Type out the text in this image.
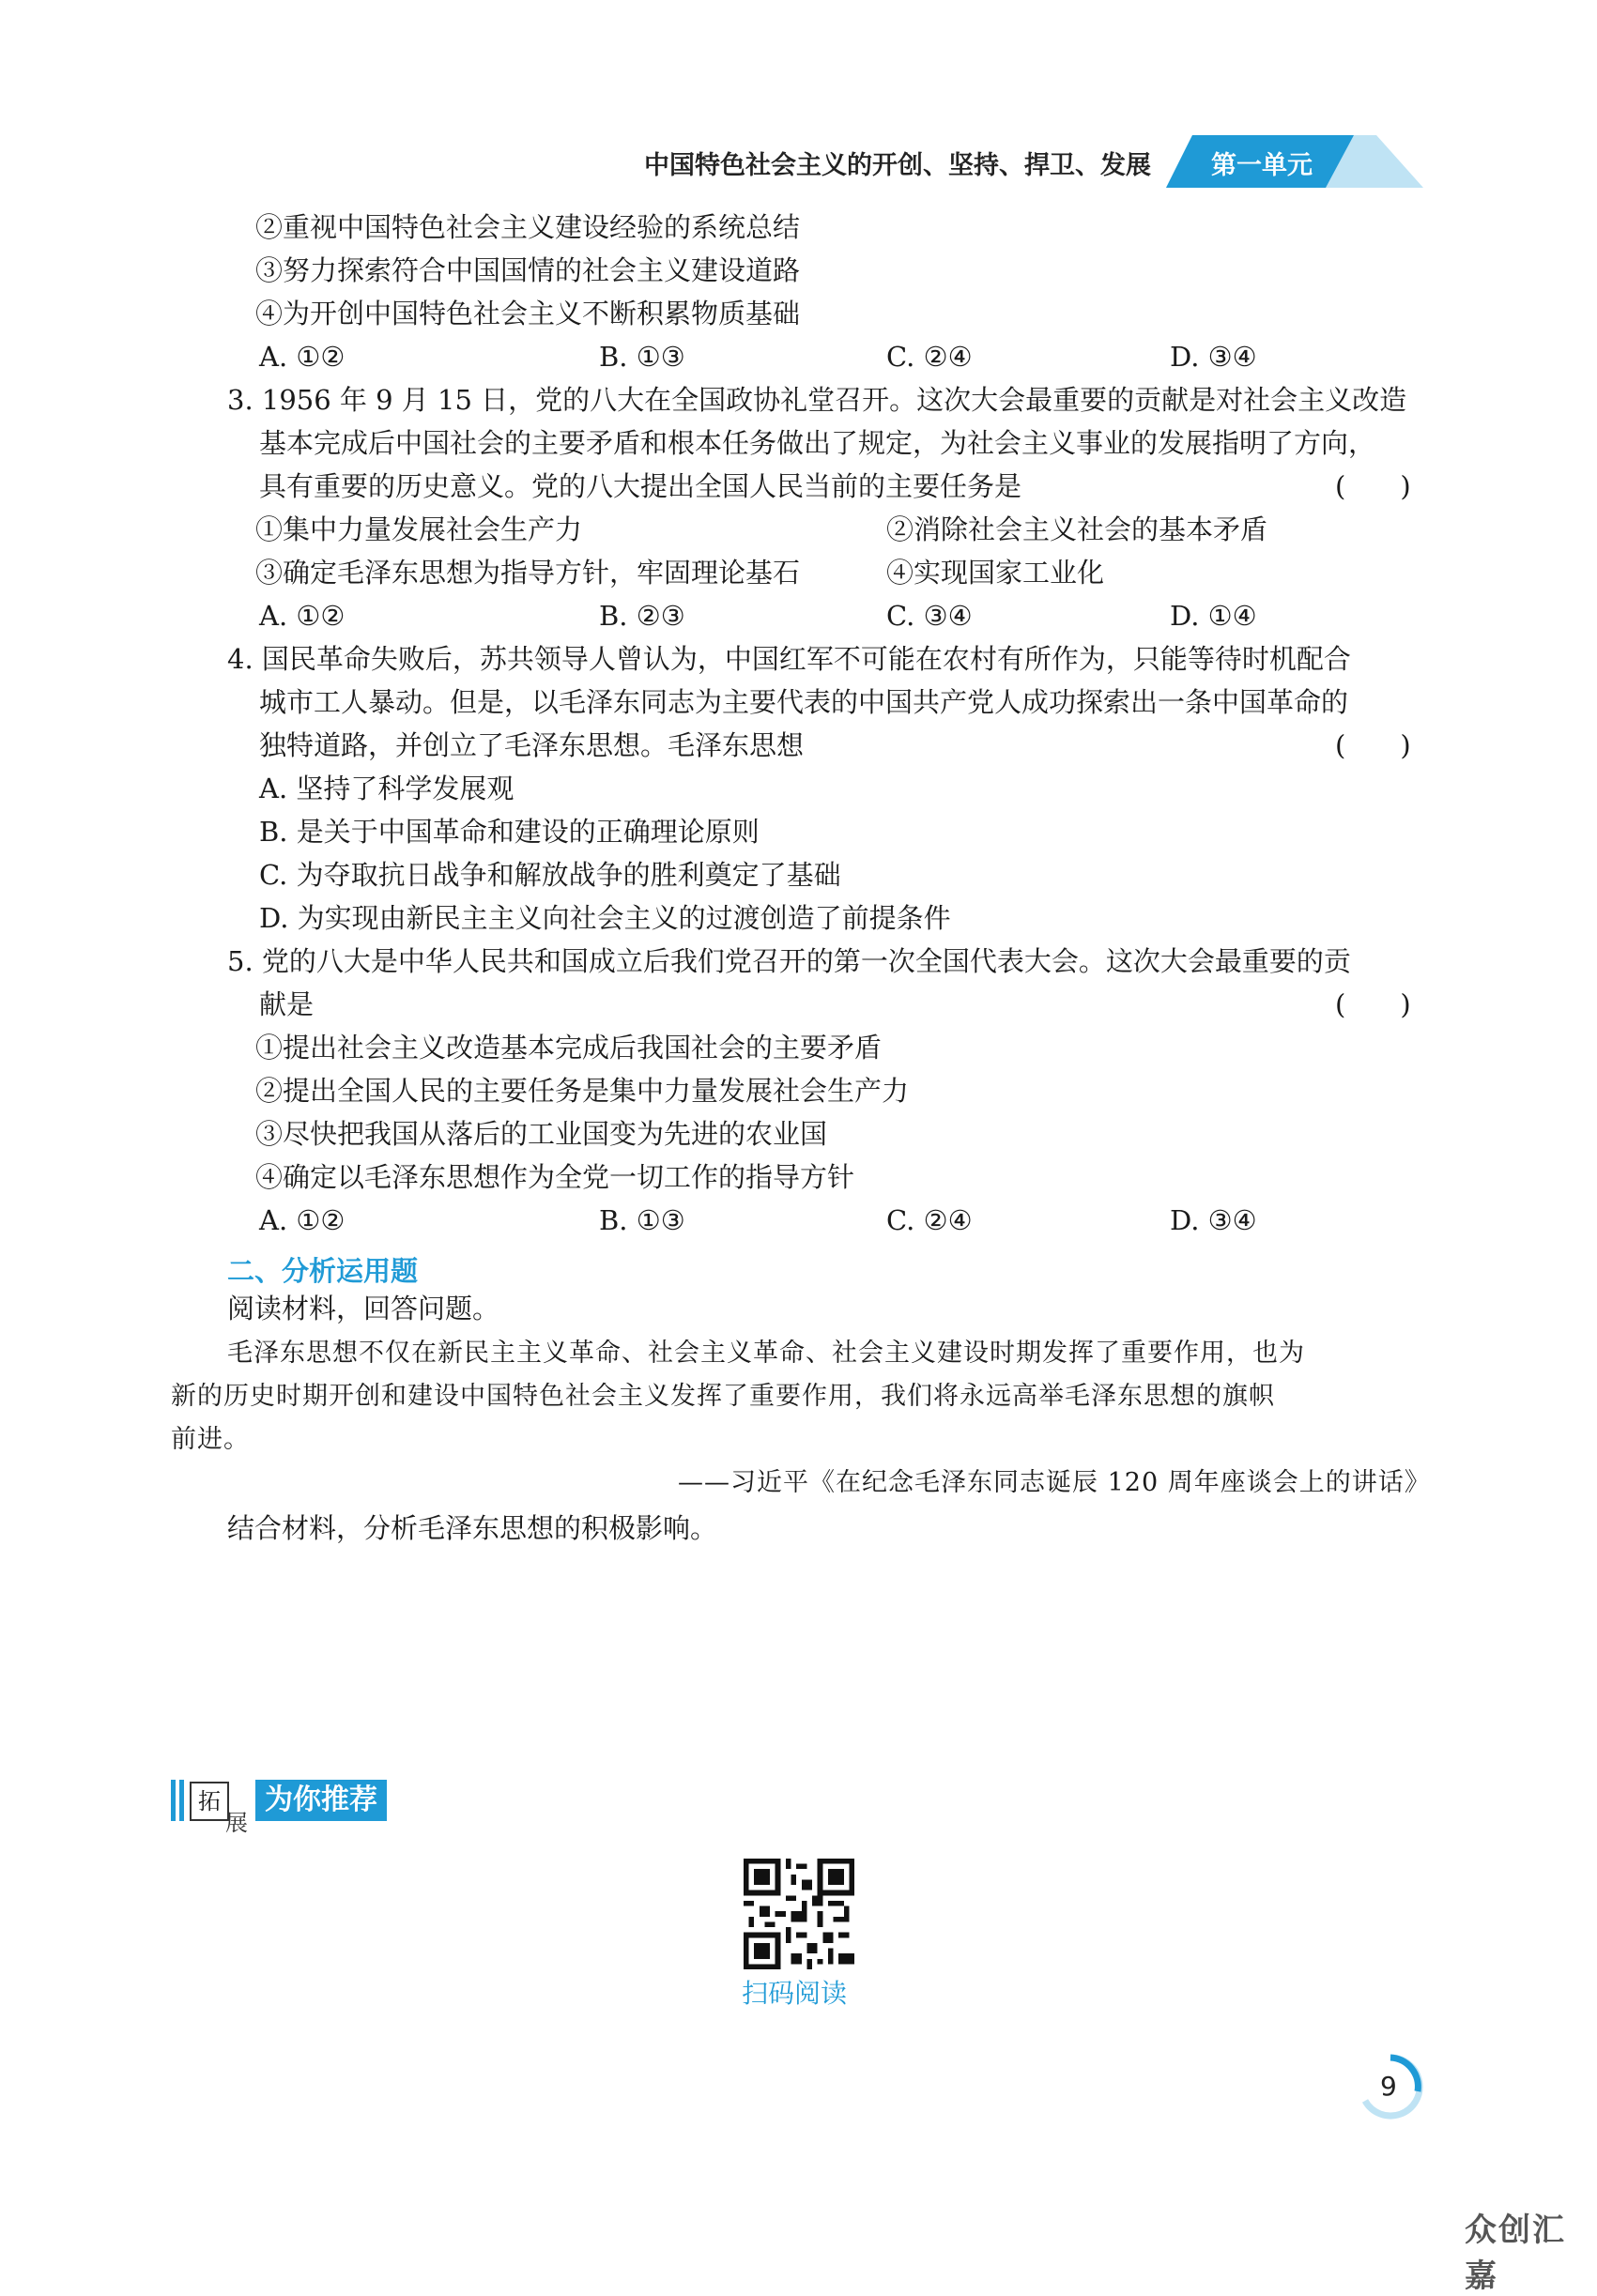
中国特色社会主义的开创、坚持、捍卫、发展 第一单元
②重视中国特色社会主义建设经验的系统总结
③努力探索符合中国国情的社会主义建设道路
④为开创中国特色社会主义不断积累物质基础
A. ①②	B. ①③	C. ②④	D. ③④
3. 1956 年 9 月 15 日，党的八大在全国政协礼堂召开。这次大会最重要的贡献是对社会主义改造
基本完成后中国社会的主要矛盾和根本任务做出了规定，为社会主义事业的发展指明了方向，
具有重要的历史意义。党的八大提出全国人民当前的主要任务是	(　　)
①集中力量发展社会生产力	②消除社会主义社会的基本矛盾
③确定毛泽东思想为指导方针，牢固理论基石	④实现国家工业化
A. ①②	B. ②③	C. ③④	D. ①④
4. 国民革命失败后，苏共领导人曾认为，中国红军不可能在农村有所作为，只能等待时机配合
城市工人暴动。但是，以毛泽东同志为主要代表的中国共产党人成功探索出一条中国革命的
独特道路，并创立了毛泽东思想。毛泽东思想	(　　)
A. 坚持了科学发展观
B. 是关于中国革命和建设的正确理论原则
C. 为夺取抗日战争和解放战争的胜利奠定了基础
D. 为实现由新民主主义向社会主义的过渡创造了前提条件
5. 党的八大是中华人民共和国成立后我们党召开的第一次全国代表大会。这次大会最重要的贡
献是	(　　)
①提出社会主义改造基本完成后我国社会的主要矛盾
②提出全国人民的主要任务是集中力量发展社会生产力
③尽快把我国从落后的工业国变为先进的农业国
④确定以毛泽东思想作为全党一切工作的指导方针
A. ①②	B. ①③	C. ②④	D. ③④
二、分析运用题
阅读材料，回答问题。
毛泽东思想不仅在新民主主义革命、社会主义革命、社会主义建设时期发挥了重要作用，也为
新的历史时期开创和建设中国特色社会主义发挥了重要作用，我们将永远高举毛泽东思想的旗帜
前进。
——习近平《在纪念毛泽东同志诞辰 120 周年座谈会上的讲话》
结合材料，分析毛泽东思想的积极影响。
拓
展
为你推荐
扫码阅读
9
众创汇嘉
